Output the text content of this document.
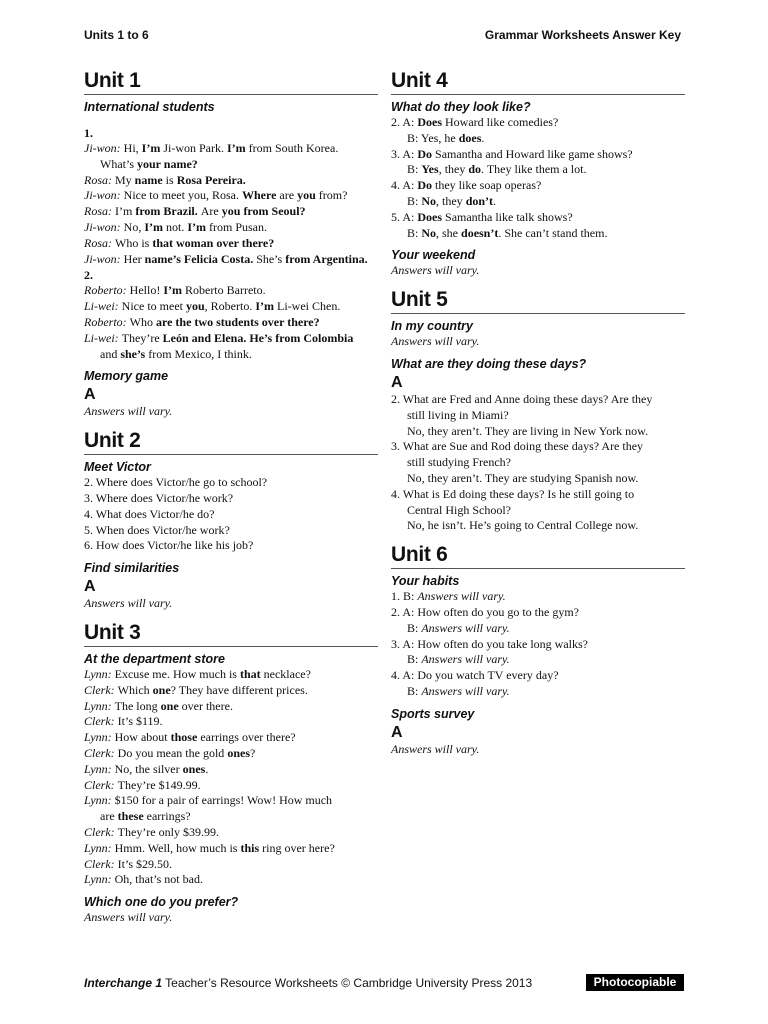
Units 1 to 6	Grammar Worksheets Answer Key
Unit 1
International students
1.
Ji-won: Hi, I’m Ji-won Park. I’m from South Korea.
What’s your name?
Rosa: My name is Rosa Pereira.
Ji-won: Nice to meet you, Rosa. Where are you from?
Rosa: I’m from Brazil. Are you from Seoul?
Ji-won: No, I’m not. I’m from Pusan.
Rosa: Who is that woman over there?
Ji-won: Her name’s Felicia Costa. She’s from Argentina.
2.
Roberto: Hello! I’m Roberto Barreto.
Li-wei: Nice to meet you, Roberto. I’m Li-wei Chen.
Roberto: Who are the two students over there?
Li-wei: They’re León and Elena. He’s from Colombia
and she’s from Mexico, I think.
Memory game
A
Answers will vary.
Unit 2
Meet Victor
2. Where does Victor/he go to school?
3. Where does Victor/he work?
4. What does Victor/he do?
5. When does Victor/he work?
6. How does Victor/he like his job?
Find similarities
A
Answers will vary.
Unit 3
At the department store
Lynn: Excuse me. How much is that necklace?
Clerk: Which one? They have different prices.
Lynn: The long one over there.
Clerk: It’s $119.
Lynn: How about those earrings over there?
Clerk: Do you mean the gold ones?
Lynn: No, the silver ones.
Clerk: They’re $149.99.
Lynn: $150 for a pair of earrings! Wow! How much
are these earrings?
Clerk: They’re only $39.99.
Lynn: Hmm. Well, how much is this ring over here?
Clerk: It’s $29.50.
Lynn: Oh, that’s not bad.
Which one do you prefer?
Answers will vary.
Unit 4
What do they look like?
2. A: Does Howard like comedies?
B: Yes, he does.
3. A: Do Samantha and Howard like game shows?
B: Yes, they do. They like them a lot.
4. A: Do they like soap operas?
B: No, they don’t.
5. A: Does Samantha like talk shows?
B: No, she doesn’t. She can’t stand them.
Your weekend
Answers will vary.
Unit 5
In my country
Answers will vary.
What are they doing these days?
A
2. What are Fred and Anne doing these days? Are they
still living in Miami?
No, they aren’t. They are living in New York now.
3. What are Sue and Rod doing these days? Are they
still studying French?
No, they aren’t. They are studying Spanish now.
4. What is Ed doing these days? Is he still going to
Central High School?
No, he isn’t. He’s going to Central College now.
Unit 6
Your habits
1. B: Answers will vary.
2. A: How often do you go to the gym?
B: Answers will vary.
3. A: How often do you take long walks?
B: Answers will vary.
4. A: Do you watch TV every day?
B: Answers will vary.
Sports survey
A
Answers will vary.
Interchange 1 Teacher’s Resource Worksheets © Cambridge University Press 2013	Photocopiable
